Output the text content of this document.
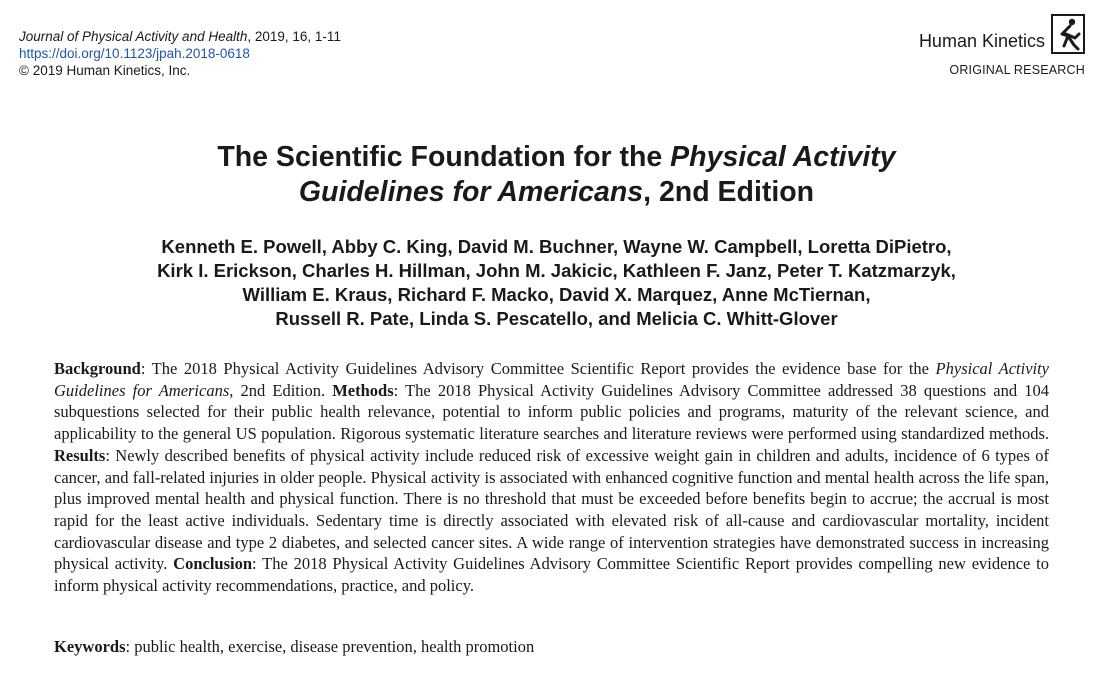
Journal of Physical Activity and Health, 2019, 16, 1-11
https://doi.org/10.1123/jpah.2018-0618
© 2019 Human Kinetics, Inc.
Human Kinetics
ORIGINAL RESEARCH
The Scientific Foundation for the Physical Activity
Guidelines for Americans, 2nd Edition
Kenneth E. Powell, Abby C. King, David M. Buchner, Wayne W. Campbell, Loretta DiPietro,
Kirk I. Erickson, Charles H. Hillman, John M. Jakicic, Kathleen F. Janz, Peter T. Katzmarzyk,
William E. Kraus, Richard F. Macko, David X. Marquez, Anne McTiernan,
Russell R. Pate, Linda S. Pescatello, and Melicia C. Whitt-Glover

Background: The 2018 Physical Activity Guidelines Advisory Committee Scientific Report provides the evidence base for the Physical Activity Guidelines for Americans, 2nd Edition. Methods: The 2018 Physical Activity Guidelines Advisory Committee addressed 38 questions and 104 subquestions selected for their public health relevance, potential to inform public policies and programs, maturity of the relevant science, and applicability to the general US population. Rigorous systematic literature searches and literature reviews were performed using standardized methods. Results: Newly described benefits of physical activity include reduced risk of excessive weight gain in children and adults, incidence of 6 types of cancer, and fall-related injuries in older people. Physical activity is associated with enhanced cognitive function and mental health across the life span, plus improved mental health and physical function. There is no threshold that must be exceeded before benefits begin to accrue; the accrual is most rapid for the least active individuals. Sedentary time is directly associated with elevated risk of all-cause and cardiovascular mortality, incident cardiovascular disease and type 2 diabetes, and selected cancer sites. A wide range of intervention strategies have demonstrated success in increasing physical activity. Conclusion: The 2018 Physical Activity Guidelines Advisory Committee Scientific Report provides compelling new evidence to inform physical activity recommendations, practice, and policy.

Keywords: public health, exercise, disease prevention, health promotion
